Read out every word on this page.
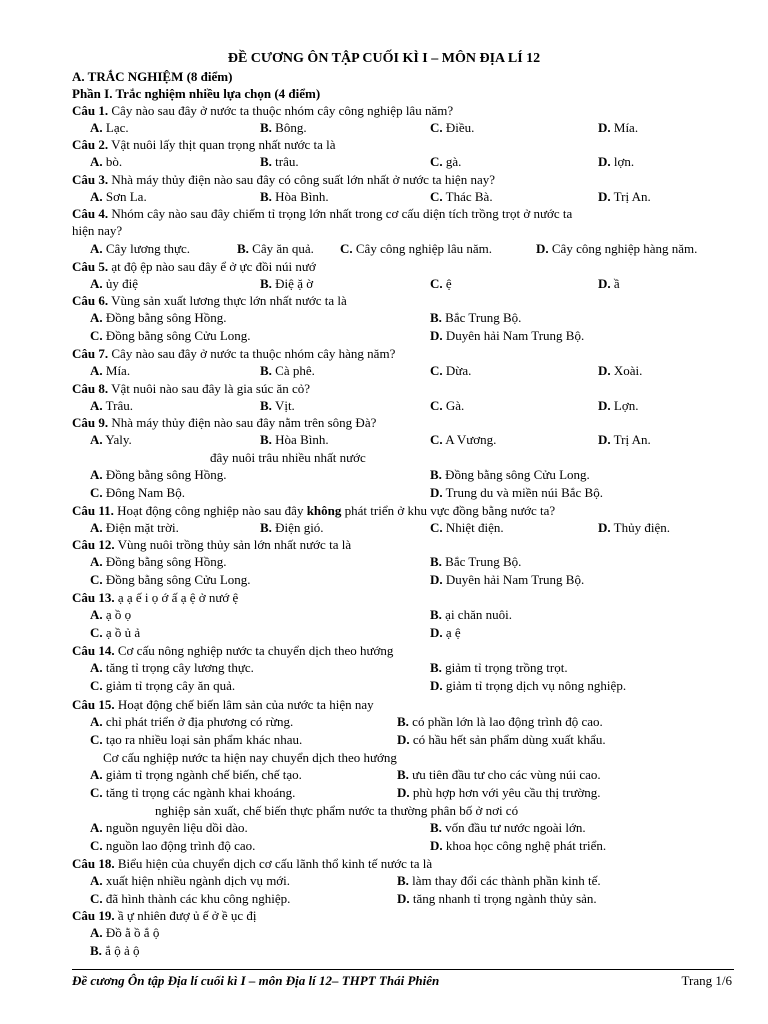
ĐỀ CƯƠNG ÔN TẬP CUỐI KÌ I – MÔN ĐỊA LÍ 12
A. TRẮC NGHIỆM (8 điểm)
Phần I. Trắc nghiệm nhiều lựa chọn (4 điểm)
Câu 1. Cây nào sau đây ở nước ta thuộc nhóm cây công nghiệp lâu năm?
A. Lạc.	B. Bông.	C. Điều.	D. Mía.
Câu 2. Vật nuôi lấy thịt quan trọng nhất nước ta là
A. bò.	B. trâu.	C. gà.	D. lợn.
Câu 3. Nhà máy thủy điện nào sau đây có công suất lớn nhất ở nước ta hiện nay?
A. Sơn La.	B. Hòa Bình.	C. Thác Bà.	D. Trị An.
Câu 4. Nhóm cây nào sau đây chiếm tỉ trọng lớn nhất trong cơ cấu diện tích trồng trọt ở nước ta
hiện nay?
A. Cây lương thực.	B. Cây ăn quả. C. Cây công nghiệp lâu năm.	D. Cây công nghiệp hàng năm.
Câu 5. ạt độ ệp nào sau đây ể ở ực đồi núi nướ
A. ủy điệ	B. Điệ ặ ờ	C. ệ	D. ầ
Câu 6. Vùng sản xuất lương thực lớn nhất nước ta là
A. Đồng bằng sông Hồng.	B. Bắc Trung Bộ.
C. Đồng bằng sông Cửu Long.	D. Duyên hải Nam Trung Bộ.
Câu 7. Cây nào sau đây ở nước ta thuộc nhóm cây hàng năm?
A. Mía.	B. Cà phê.	C. Dừa.	D. Xoài.
Câu 8. Vật nuôi nào sau đây là gia súc ăn cỏ?
A. Trâu.	B. Vịt.	C. Gà.	D. Lợn.
Câu 9. Nhà máy thủy điện nào sau đây nằm trên sông Đà?
A. Yaly.	B. Hòa Bình.	C. A Vương.	D. Trị An.
đây nuôi trâu nhiều nhất nước
A. Đồng bằng sông Hồng.	B. Đồng bằng sông Cửu Long.
C. Đông Nam Bộ.	D. Trung du và miền núi Bắc Bộ.
Câu 11. Hoạt động công nghiệp nào sau đây không phát triển ở khu vực đồng bằng nước ta?
A. Điện mặt trời.	B. Điện gió.	C. Nhiệt điện.	D. Thủy điện.
Câu 12. Vùng nuôi trồng thủy sản lớn nhất nước ta là
A. Đồng bằng sông Hồng.	B. Bắc Trung Bộ.
C. Đồng bằng sông Cửu Long.	D. Duyên hải Nam Trung Bộ.
Câu 13. ạ ạ ế i ọ ớ ấ ạ ệ ở nướ ệ
A. ạ ồ ọ	B. ại chăn nuôi.
C. ạ ồ ủ ả	D. ạ ệ
Câu 14. Cơ cấu nông nghiệp nước ta chuyển dịch theo hướng
A. tăng tỉ trọng cây lương thực.	B. giảm tỉ trọng trồng trọt.
C. giảm tỉ trọng cây ăn quả.	D. giảm tỉ trọng dịch vụ nông nghiệp.
Câu 15. Hoạt động chế biến lâm sản của nước ta hiện nay
A. chỉ phát triển ở địa phương có rừng.	B. có phần lớn là lao động trình độ cao.
C. tạo ra nhiều loại sản phẩm khác nhau.	D. có hầu hết sản phẩm dùng xuất khẩu.
Cơ cấu nghiệp nước ta hiện nay chuyển dịch theo hướng
A. giảm tỉ trọng ngành chế biến, chế tạo.	B. ưu tiên đầu tư cho các vùng núi cao.
C. tăng tỉ trọng các ngành khai khoáng.	D. phù hợp hơn với yêu cầu thị trường.
nghiệp sản xuất, chế biến thực phẩm nước ta thường phân bố ở nơi có
A. nguồn nguyên liệu dồi dào.	B. vốn đầu tư nước ngoài lớn.
C. nguồn lao động trình độ cao.	D. khoa học công nghệ phát triển.
Câu 18. Biểu hiện của chuyển dịch cơ cấu lãnh thổ kinh tế nước ta là
A. xuất hiện nhiều ngành dịch vụ mới.	B. làm thay đổi các thành phần kinh tế.
C. đã hình thành các khu công nghiệp.	D. tăng nhanh tỉ trọng ngành thủy sản.
Câu 19. ầ ự nhiên đượ ủ ế ở ề ục đị
A. Đồ ằ ồ ắ ộ
B. ắ ộ ả ộ
Đề cương Ôn tập Địa lí cuối kì I – môn Địa lí 12– THPT Thái Phiên	Trang 1/6
